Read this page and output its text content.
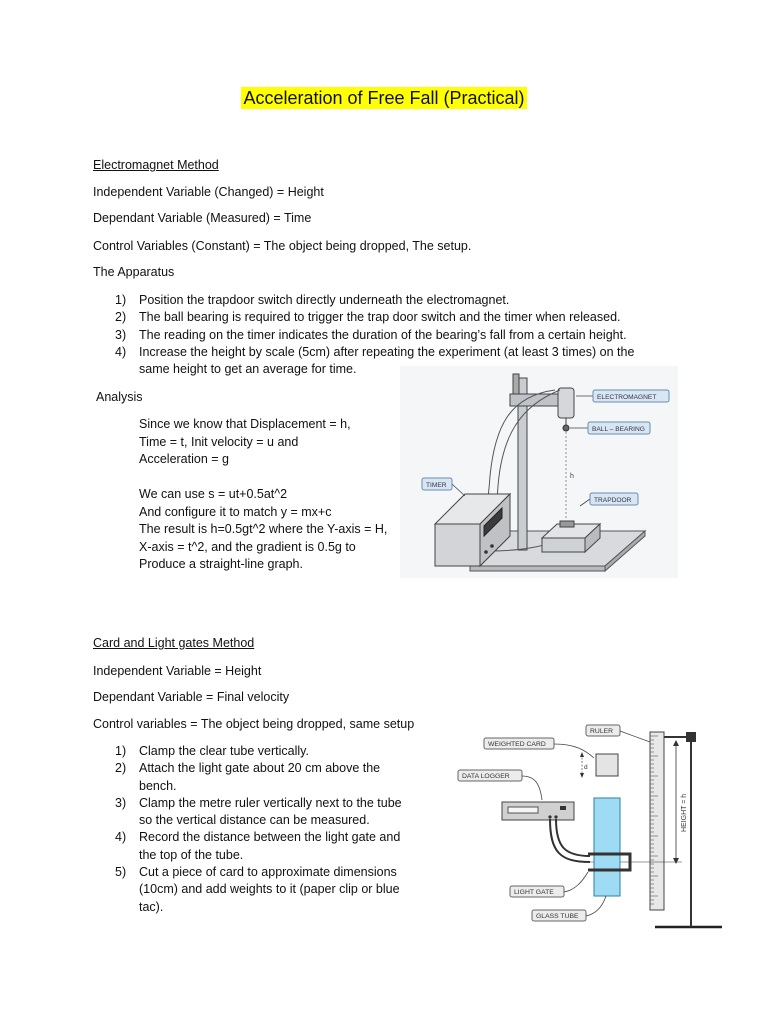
Acceleration of Free Fall (Practical)
Electromagnet Method
Independent Variable (Changed) = Height
Dependant Variable (Measured) = Time
Control Variables (Constant) = The object being dropped, The setup.
The Apparatus
1) Position the trapdoor switch directly underneath the electromagnet.
2) The ball bearing is required to trigger the trap door switch and the timer when released.
3) The reading on the timer indicates the duration of the bearing’s fall from a certain height.
4) Increase the height by scale (5cm) after repeating the experiment (at least 3 times) on the
same height to get an average for time.
Analysis
Since we know that Displacement = h,
Time = t, Init velocity = u and
Acceleration = g
We can use s = ut+0.5at^2
And configure it to match y = mx+c
The result is h=0.5gt^2 where the Y-axis = H,
X-axis = t^2, and the gradient is 0.5g to
Produce a straight-line graph.
h
ELECTROMAGNET
BALL – BEARING
TIMER
TRAPDOOR
Card and Light gates Method
Independent Variable = Height
Dependant Variable = Final velocity
Control variables = The object being dropped, same setup
1) Clamp the clear tube vertically.
2) Attach the light gate about 20 cm above the
bench.
3) Clamp the metre ruler vertically next to the tube
so the vertical distance can be measured.
4) Record the distance between the light gate and
the top of the tube.
5) Cut a piece of card to approximate dimensions
(10cm) and add weights to it (paper clip or blue
tac).
HEIGHT = h
d
RULER
WEIGHTED CARD
DATA LOGGER
LIGHT GATE
GLASS TUBE
